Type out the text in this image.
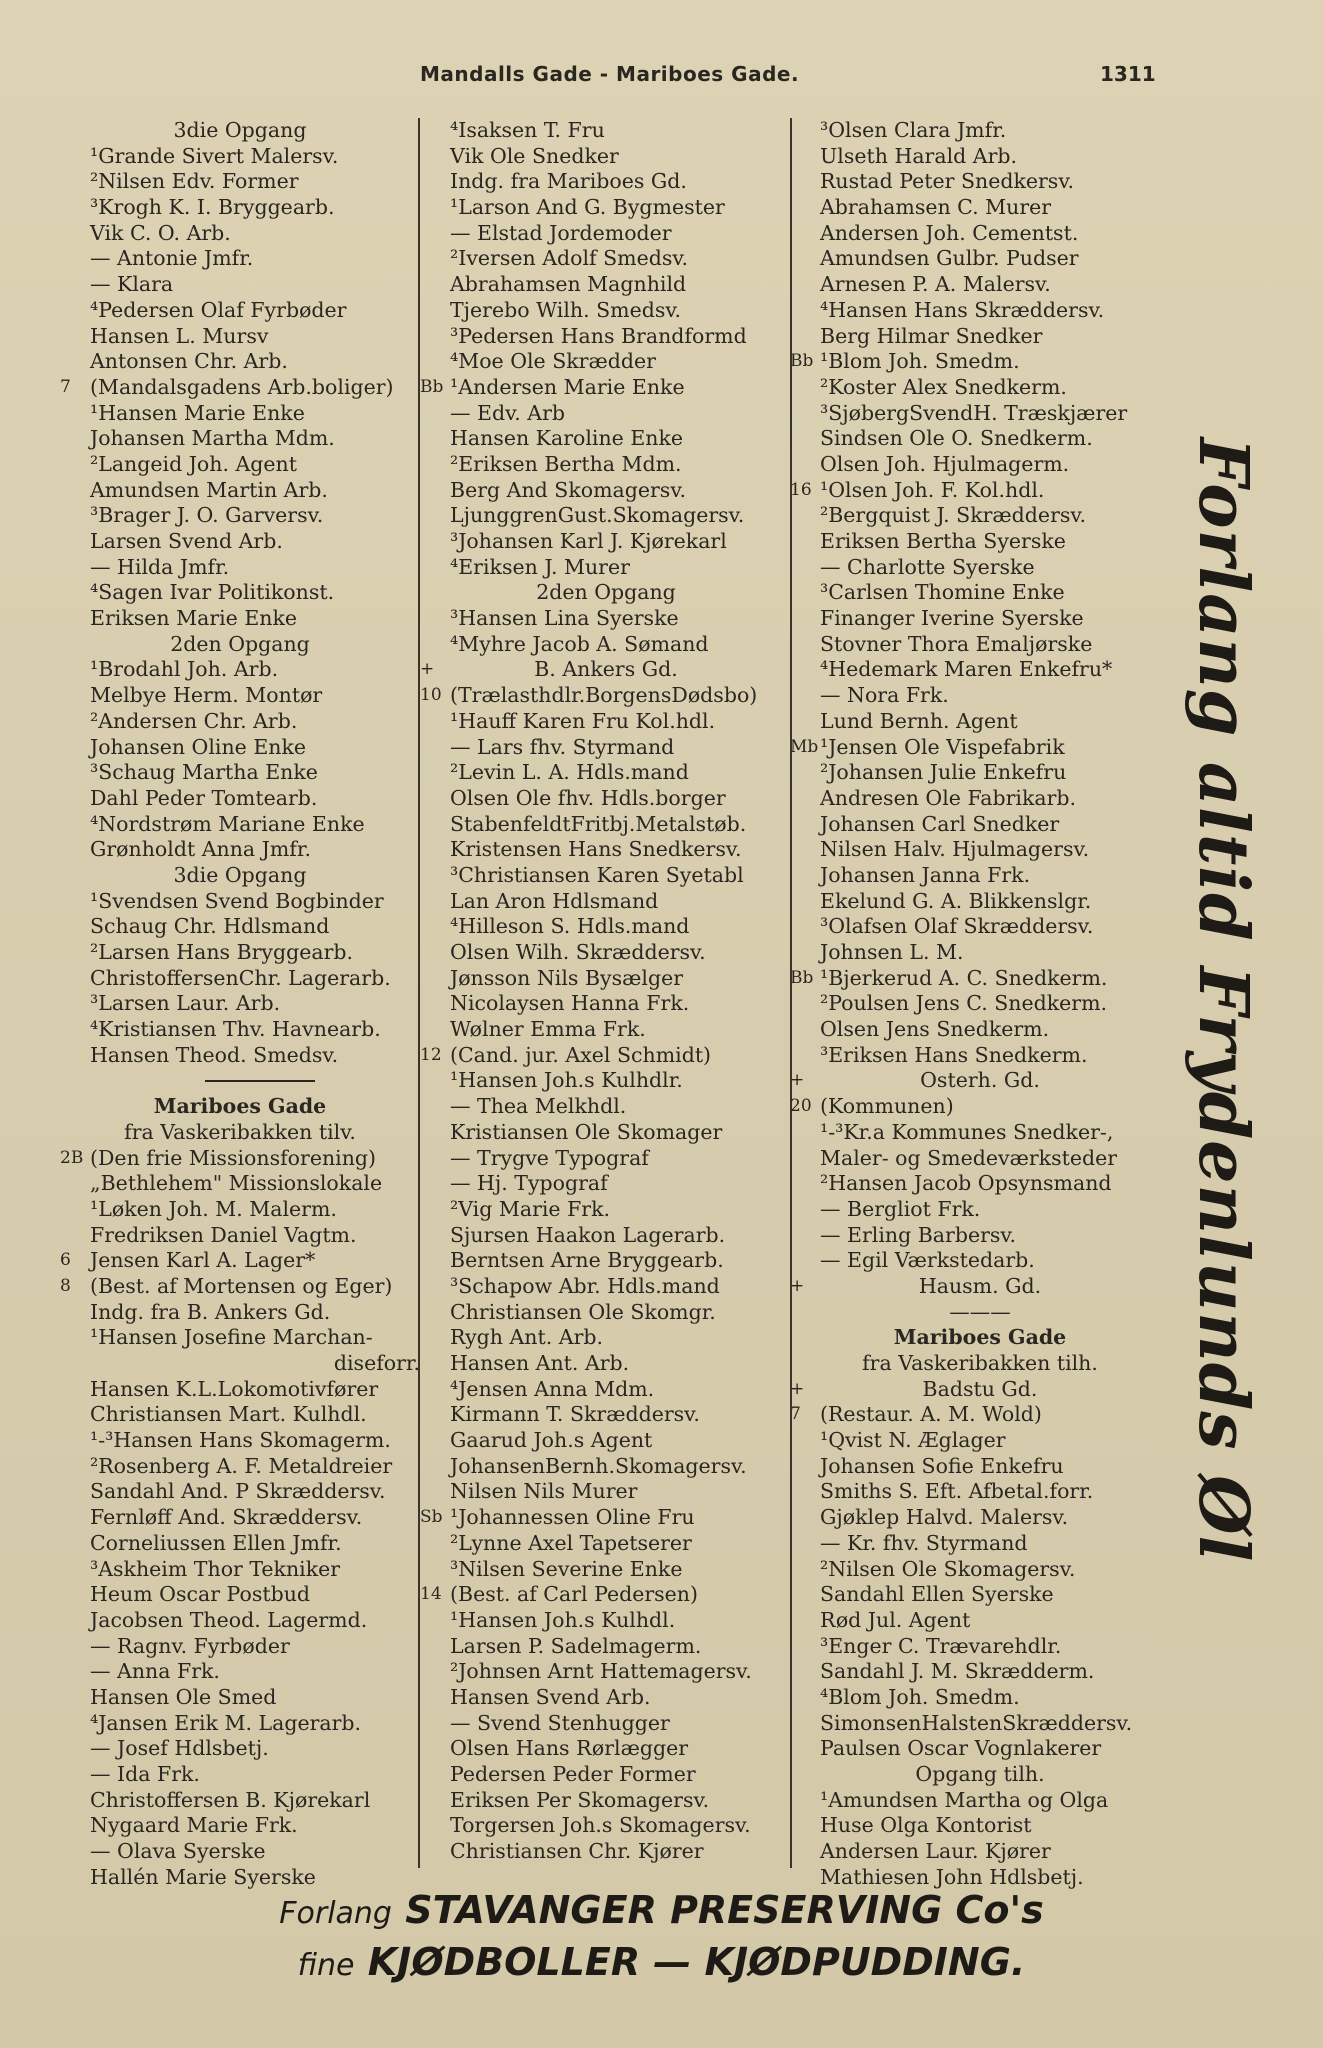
Mandalls Gade - Mariboes Gade.	1311
3die Opgang
¹Grande Sivert Malersv.
²Nilsen Edv. Former
³Krogh K. I. Bryggearb.
Vik C. O. Arb.
— Antonie Jmfr.
— Klara
⁴Pedersen Olaf Fyrbøder
Hansen L. Mursv
Antonsen Chr. Arb.
7 (Mandalsgadens Arb.boliger)
¹Hansen Marie Enke
Johansen Martha Mdm.
²Langeid Joh. Agent
Amundsen Martin Arb.
³Brager J. O. Garversv.
Larsen Svend Arb.
— Hilda Jmfr.
⁴Sagen Ivar Politikonst.
Eriksen Marie Enke
2den Opgang
¹Brodahl Joh. Arb.
Melbye Herm. Montør
²Andersen Chr. Arb.
Johansen Oline Enke
³Schaug Martha Enke
Dahl Peder Tomtearb.
⁴Nordstrøm Mariane Enke
Grønholdt Anna Jmfr.
3die Opgang
¹Svendsen Svend Bogbinder
Schaug Chr. Hdlsmand
²Larsen Hans Bryggearb.
ChristoffersenChr. Lagerarb.
³Larsen Laur. Arb.
⁴Kristiansen Thv. Havnearb.
Hansen Theod. Smedsv.
Mariboes Gade
fra Vaskeribakken tilv.
2B (Den frie Missionsforening)
„Bethlehem" Missionslokale
¹Løken Joh. M. Malerm.
Fredriksen Daniel Vagtm.
6 Jensen Karl A. Lager*
8 (Best. af Mortensen og Eger)
Indg. fra B. Ankers Gd.
¹Hansen Josefine Marchan-
diseforr.
Hansen K.L.Lokomotivfører
Christiansen Mart. Kulhdl.
¹-³Hansen Hans Skomagerm.
²Rosenberg A. F. Metaldreier
Sandahl And. P Skræddersv.
Fernløff And. Skræddersv.
Corneliussen Ellen Jmfr.
³Askheim Thor Tekniker
Heum Oscar Postbud
Jacobsen Theod. Lagermd.
— Ragnv. Fyrbøder
— Anna Frk.
Hansen Ole Smed
⁴Jansen Erik M. Lagerarb.
— Josef Hdlsbetj.
— Ida Frk.
Christoffersen B. Kjørekarl
Nygaard Marie Frk.
— Olava Syerske
Hallén Marie Syerske
⁴Isaksen T. Fru
Vik Ole Snedker
Indg. fra Mariboes Gd.
¹Larson And G. Bygmester
— Elstad Jordemoder
²Iversen Adolf Smedsv.
Abrahamsen Magnhild
Tjerebo Wilh. Smedsv.
³Pedersen Hans Brandformd
⁴Moe Ole Skrædder
Bb ¹Andersen Marie Enke
— Edv. Arb
Hansen Karoline Enke
²Eriksen Bertha Mdm.
Berg And Skomagersv.
LjunggrenGust.Skomagersv.
³Johansen Karl J. Kjørekarl
⁴Eriksen J. Murer
2den Opgang
³Hansen Lina Syerske
⁴Myhre Jacob A. Sømand
+	B. Ankers Gd.
10 (Trælasthdlr.BorgensDødsbo)
¹Hauff Karen Fru Kol.hdl.
— Lars fhv. Styrmand
²Levin L. A. Hdls.mand
Olsen Ole fhv. Hdls.borger
StabenfeldtFritbj.Metalstøb.
Kristensen Hans Snedkersv.
³Christiansen Karen Syetabl
Lan Aron Hdlsmand
⁴Hilleson S. Hdls.mand
Olsen Wilh. Skræddersv.
Jønsson Nils Bysælger
Nicolaysen Hanna Frk.
Wølner Emma Frk.
12 (Cand. jur. Axel Schmidt)
¹Hansen Joh.s Kulhdlr.
— Thea Melkhdl.
Kristiansen Ole Skomager
— Trygve Typograf
— Hj. Typograf
²Vig Marie Frk.
Sjursen Haakon Lagerarb.
Berntsen Arne Bryggearb.
³Schapow Abr. Hdls.mand
Christiansen Ole Skomgr.
Rygh Ant. Arb.
Hansen Ant. Arb.
⁴Jensen Anna Mdm.
Kirmann T. Skræddersv.
Gaarud Joh.s Agent
JohansenBernh.Skomagersv.
Nilsen Nils Murer
Sb ¹Johannessen Oline Fru
²Lynne Axel Tapetserer
³Nilsen Severine Enke
14 (Best. af Carl Pedersen)
¹Hansen Joh.s Kulhdl.
Larsen P. Sadelmagerm.
²Johnsen Arnt Hattemagersv.
Hansen Svend Arb.
— Svend Stenhugger
Olsen Hans Rørlægger
Pedersen Peder Former
Eriksen Per Skomagersv.
Torgersen Joh.s Skomagersv.
Christiansen Chr. Kjører
³Olsen Clara Jmfr.
Ulseth Harald Arb.
Rustad Peter Snedkersv.
Abrahamsen C. Murer
Andersen Joh. Cementst.
Amundsen Gulbr. Pudser
Arnesen P. A. Malersv.
⁴Hansen Hans Skræddersv.
Berg Hilmar Snedker
Bb ¹Blom Joh. Smedm.
²Koster Alex Snedkerm.
³SjøbergSvendH. Træskjærer
Sindsen Ole O. Snedkerm.
Olsen Joh. Hjulmagerm.
16 ¹Olsen Joh. F. Kol.hdl.
²Bergquist J. Skræddersv.
Eriksen Bertha Syerske
— Charlotte Syerske
³Carlsen Thomine Enke
Finanger Iverine Syerske
Stovner Thora Emaljørske
⁴Hedemark Maren Enkefru*
— Nora Frk.
Lund Bernh. Agent
Mb ¹Jensen Ole Vispefabrik
²Johansen Julie Enkefru
Andresen Ole Fabrikarb.
Johansen Carl Snedker
Nilsen Halv. Hjulmagersv.
Johansen Janna Frk.
Ekelund G. A. Blikkenslgr.
³Olafsen Olaf Skræddersv.
Johnsen L. M.
Bb ¹Bjerkerud A. C. Snedkerm.
²Poulsen Jens C. Snedkerm.
Olsen Jens Snedkerm.
³Eriksen Hans Snedkerm.
+	Osterh. Gd.
20 (Kommunen)
¹-³Kr.a Kommunes Snedker-,
Maler- og Smedeværksteder
²Hansen Jacob Opsynsmand
— Bergliot Frk.
— Erling Barbersv.
— Egil Værkstedarb.
+	Hausm. Gd.
———
Mariboes Gade
fra Vaskeribakken tilh.
+	Badstu Gd.
7 (Restaur. A. M. Wold)
¹Qvist N. Æglager
Johansen Sofie Enkefru
Smiths S. Eft. Afbetal.forr.
Gjøklep Halvd. Malersv.
— Kr. fhv. Styrmand
²Nilsen Ole Skomagersv.
Sandahl Ellen Syerske
Rød Jul. Agent
³Enger C. Trævarehdlr.
Sandahl J. M. Skrædderm.
⁴Blom Joh. Smedm.
SimonsenHalstenSkræddersv.
Paulsen Oscar Vognlakerer
Opgang tilh.
¹Amundsen Martha og Olga
Huse Olga Kontorist
Andersen Laur. Kjører
Mathiesen John Hdlsbetj.
Forlang altid Frydenlunds Øl
Forlang STAVANGER PRESERVING Co's
fine KJØDBOLLER — KJØDPUDDING.
